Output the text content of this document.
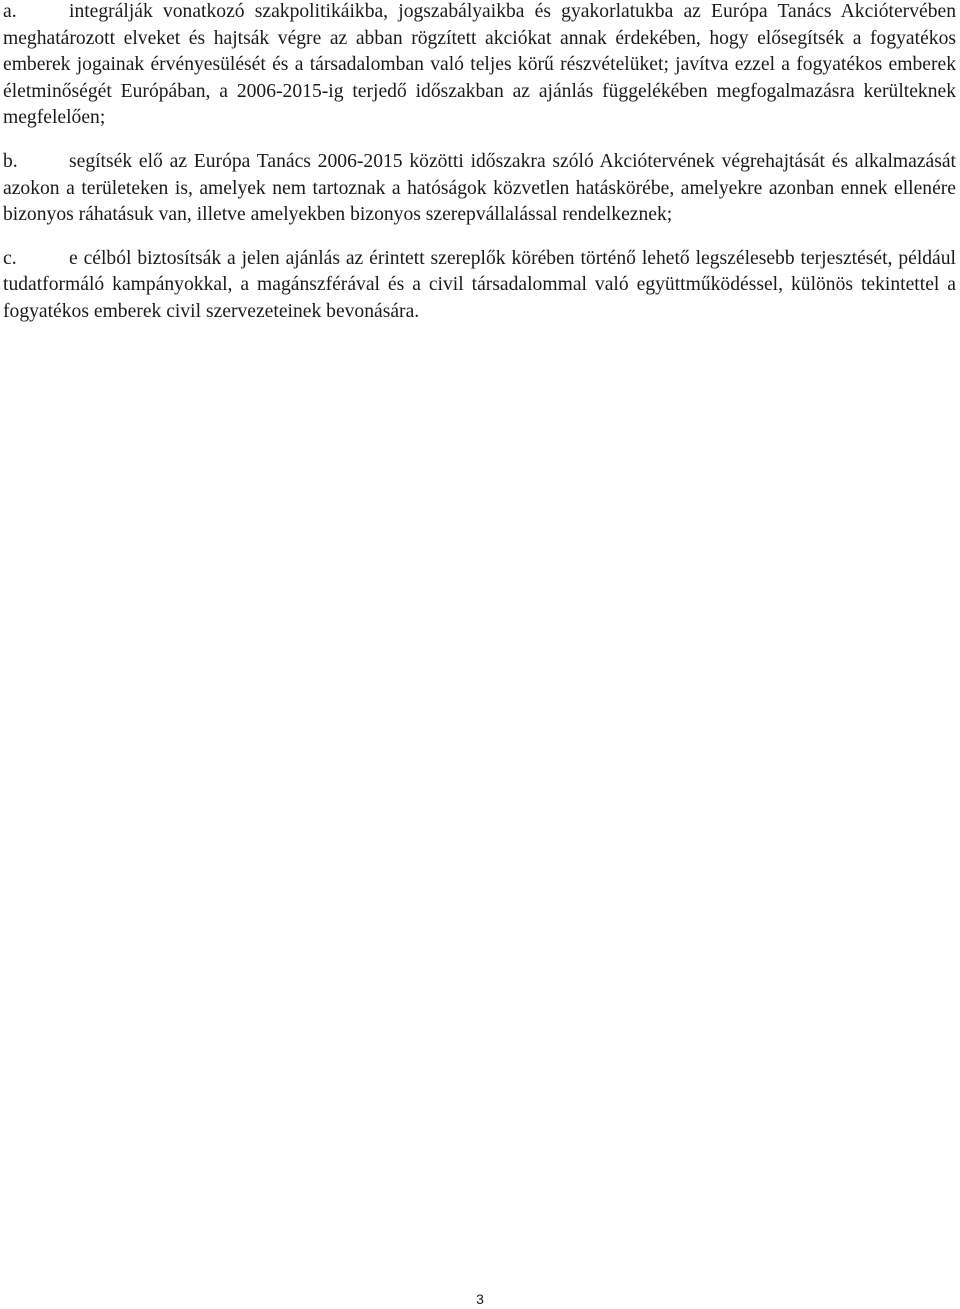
a.	integrálják vonatkozó szakpolitikáikba, jogszabályaikba és gyakorlatukba az Európa Tanács Akciótervében meghatározott elveket és hajtsák végre az abban rögzített akciókat annak érdekében, hogy elősegítsék a fogyatékos emberek jogainak érvényesülését és a társadalomban való teljes körű részvételüket; javítva ezzel a fogyatékos emberek életminőségét Európában, a 2006-2015-ig terjedő időszakban az ajánlás függelékében megfogalmazásra kerülteknek megfelelően;

b.	segítsék elő az Európa Tanács 2006-2015 közötti időszakra szóló Akciótervének végrehajtását és alkalmazását azokon a területeken is, amelyek nem tartoznak a hatóságok közvetlen hatáskörébe, amelyekre azonban ennek ellenére bizonyos ráhatásuk van, illetve amelyekben bizonyos szerepvállalással rendelkeznek;

c.	e célból biztosítsák a jelen ajánlás az érintett szereplők körében történő lehető legszélesebb terjesztését, például tudatformáló kampányokkal, a magánszférával és a civil társadalommal való együttműködéssel, különös tekintettel a fogyatékos emberek civil szervezeteinek bevonására.

3
